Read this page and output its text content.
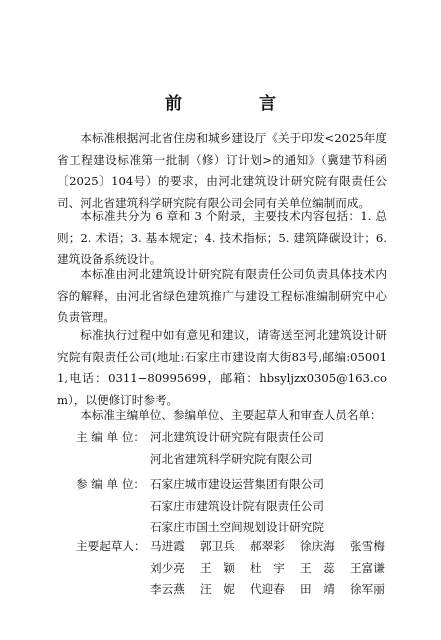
前　言
本标准根据河北省住房和城乡建设厅《关于印发<2025年度省工程建设标准第一批制（修）订计划>的通知》（冀建节科函〔2025〕104号）的要求，由河北建筑设计研究院有限责任公司、河北省建筑科学研究院有限公司会同有关单位编制而成。
本标准共分为 6 章和 3 个附录，主要技术内容包括：1. 总则；2. 术语；3. 基本规定；4. 技术指标；5. 建筑降碳设计；6. 建筑设备系统设计。
本标准由河北建筑设计研究院有限责任公司负责具体技术内容的解释，由河北省绿色建筑推广与建设工程标准编制研究中心负责管理。
标准执行过程中如有意见和建议，请寄送至河北建筑设计研究院有限责任公司(地址:石家庄市建设南大街83号,邮编:050011,电话：0311−80995699，邮箱：hbsyljzx0305@163.com），以便修订时参考。
本标准主编单位、参编单位、主要起草人和审查人员名单：
主 编 单 位： 河北建筑设计研究院有限责任公司
河北省建筑科学研究院有限公司
参 编 单 位： 石家庄城市建设运营集团有限公司
石家庄市建筑设计院有限责任公司
石家庄市国土空间规划设计研究院
主要起草人： 马进霞	郭卫兵	郝翠彩	徐庆海	张雪梅
刘少亮	王　颖	杜　宇	王　蕊	王富谦
李云燕	汪　妮	代迎春	田　靖	徐军丽
